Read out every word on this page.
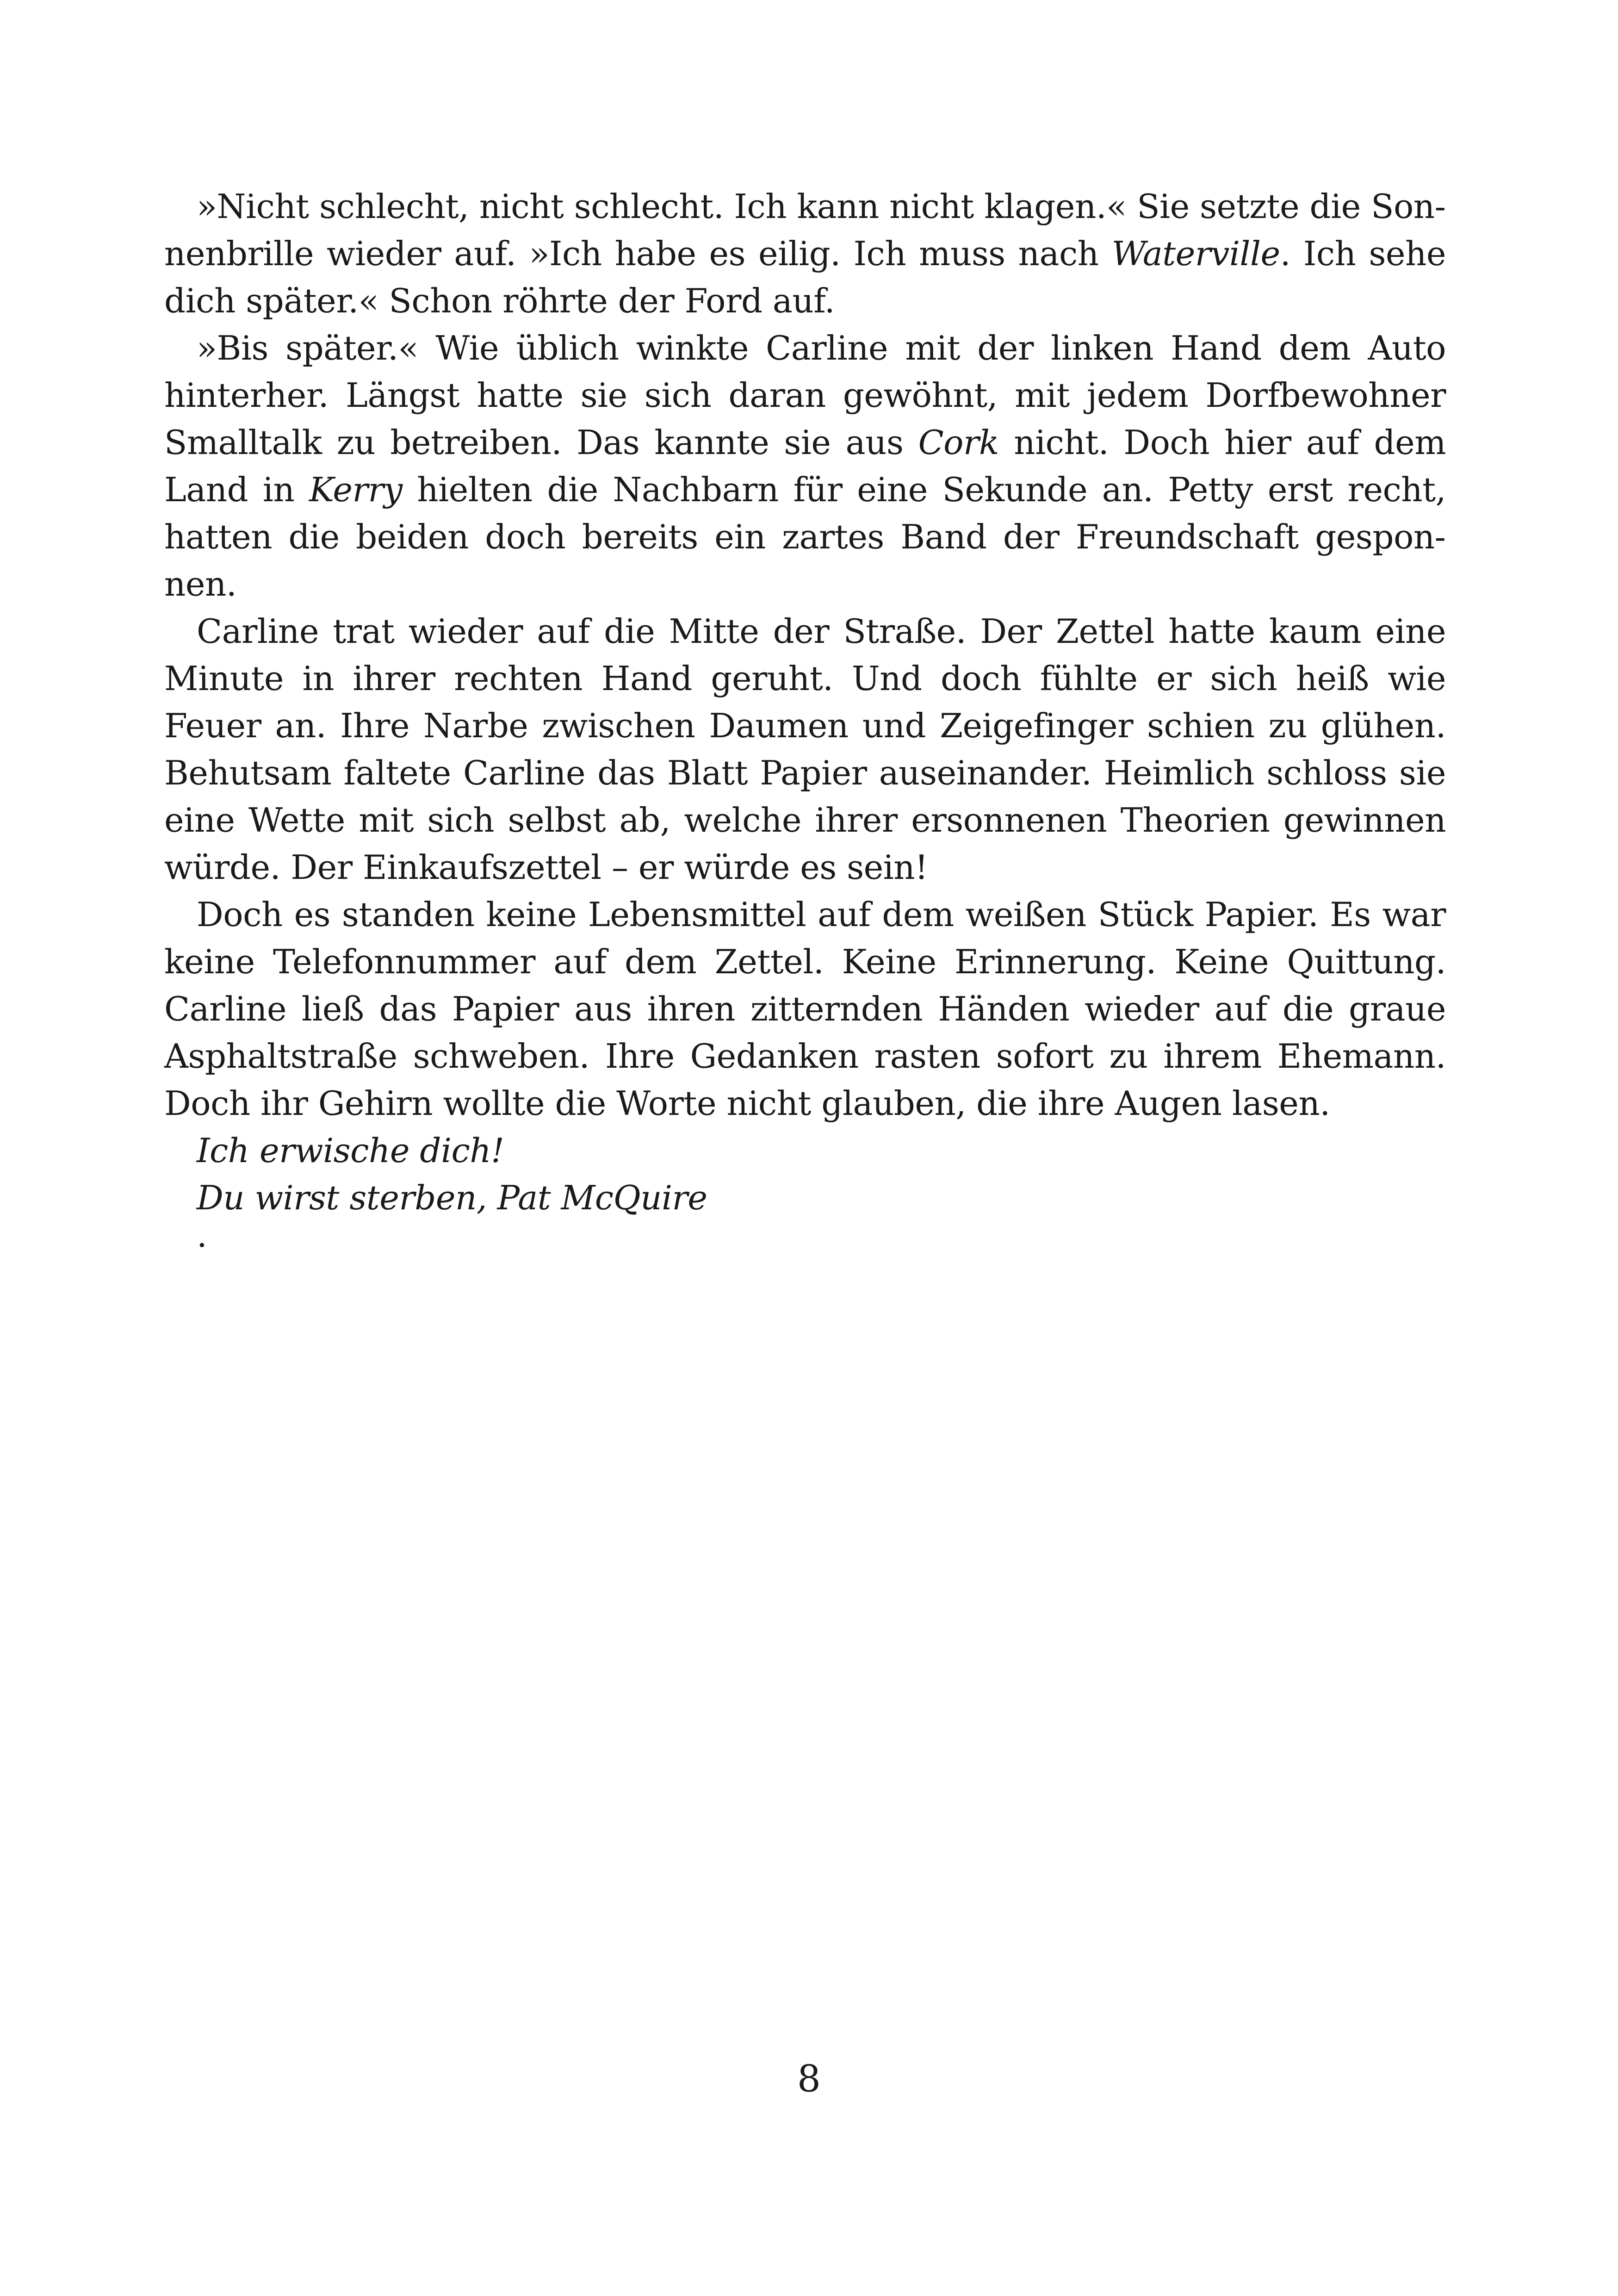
»Nicht schlecht, nicht schlecht. Ich kann nicht klagen.« Sie setzte die Sonnenbrille wieder auf. »Ich habe es eilig. Ich muss nach Waterville. Ich sehe dich später.« Schon röhrte der Ford auf.

»Bis später.« Wie üblich winkte Carline mit der linken Hand dem Auto hinterher. Längst hatte sie sich daran gewöhnt, mit jedem Dorfbewohner Smalltalk zu betreiben. Das kannte sie aus Cork nicht. Doch hier auf dem Land in Kerry hielten die Nachbarn für eine Sekunde an. Petty erst recht, hatten die beiden doch bereits ein zartes Band der Freundschaft gesponnen.

Carline trat wieder auf die Mitte der Straße. Der Zettel hatte kaum eine Minute in ihrer rechten Hand geruht. Und doch fühlte er sich heiß wie Feuer an. Ihre Narbe zwischen Daumen und Zeigefinger schien zu glühen. Behutsam faltete Carline das Blatt Papier auseinander. Heimlich schloss sie eine Wette mit sich selbst ab, welche ihrer ersonnenen Theorien gewinnen würde. Der Einkaufszettel – er würde es sein!

Doch es standen keine Lebensmittel auf dem weißen Stück Papier. Es war keine Telefonnummer auf dem Zettel. Keine Erinnerung. Keine Quittung. Carline ließ das Papier aus ihren zitternden Händen wieder auf die graue Asphaltstraße schweben. Ihre Gedanken rasten sofort zu ihrem Ehemann. Doch ihr Gehirn wollte die Worte nicht glauben, die ihre Augen lasen.

Ich erwische dich!

Du wirst sterben, Pat McQuire

.

8
